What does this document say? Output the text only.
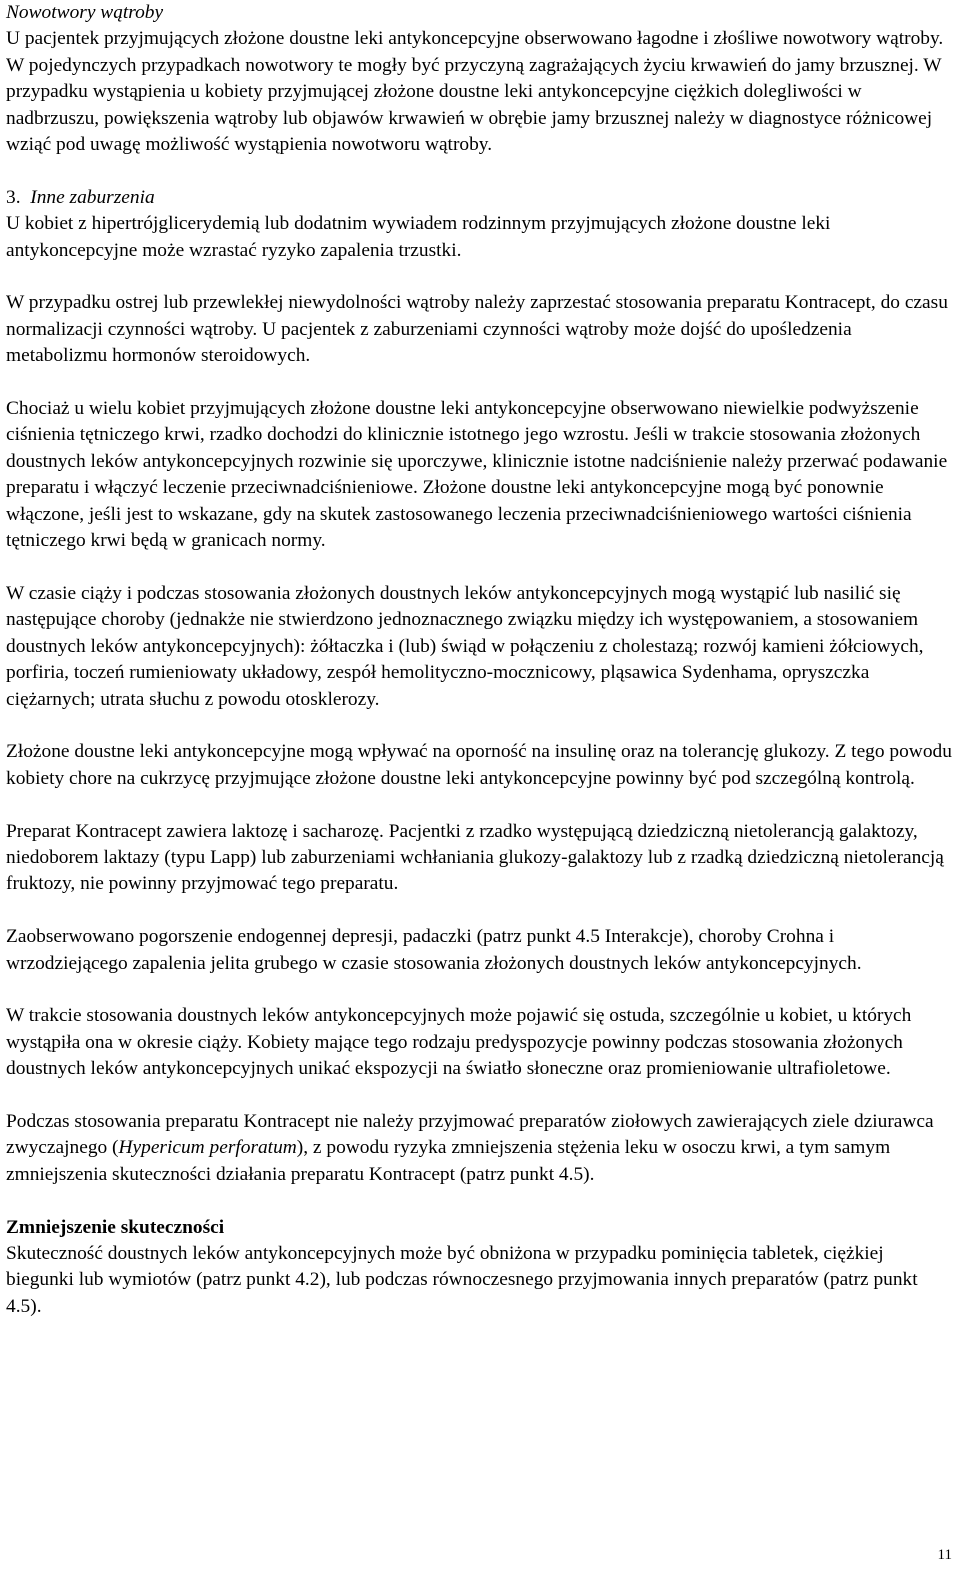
Nowotwory wątroby
U pacjentek przyjmujących złożone doustne leki antykoncepcyjne obserwowano łagodne i złośliwe nowotwory wątroby. W pojedynczych przypadkach nowotwory te mogły być przyczyną zagrażających życiu krwawień do jamy brzusznej. W przypadku wystąpienia u kobiety przyjmującej złożone doustne leki antykoncepcyjne ciężkich dolegliwości w nadbrzuszu, powiększenia wątroby lub objawów krwawień w obrębie jamy brzusznej należy w diagnostyce różnicowej wziąć pod uwagę możliwość wystąpienia nowotworu wątroby.

3. Inne zaburzenia
U kobiet z hipertrójglicerydemią lub dodatnim wywiadem rodzinnym przyjmujących złożone doustne leki antykoncepcyjne może wzrastać ryzyko zapalenia trzustki.

W przypadku ostrej lub przewlekłej niewydolności wątroby należy zaprzestać stosowania preparatu Kontracept, do czasu normalizacji czynności wątroby. U pacjentek z zaburzeniami czynności wątroby może dojść do upośledzenia metabolizmu hormonów steroidowych.

Chociaż u wielu kobiet przyjmujących złożone doustne leki antykoncepcyjne obserwowano niewielkie podwyższenie ciśnienia tętniczego krwi, rzadko dochodzi do klinicznie istotnego jego wzrostu. Jeśli w trakcie stosowania złożonych doustnych leków antykoncepcyjnych rozwinie się uporczywe, klinicznie istotne nadciśnienie należy przerwać podawanie preparatu i włączyć leczenie przeciwnadciśnieniowe. Złożone doustne leki antykoncepcyjne mogą być ponownie włączone, jeśli jest to wskazane, gdy na skutek zastosowanego leczenia przeciwnadciśnieniowego wartości ciśnienia tętniczego krwi będą w granicach normy.

W czasie ciąży i podczas stosowania złożonych doustnych leków antykoncepcyjnych mogą wystąpić lub nasilić się następujące choroby (jednakże nie stwierdzono jednoznacznego związku między ich występowaniem, a stosowaniem doustnych leków antykoncepcyjnych): żółtaczka i (lub) świąd w połączeniu z cholestazą; rozwój kamieni żółciowych, porfiria, toczeń rumieniowaty układowy, zespół hemolityczno-mocznicowy, pląsawica Sydenhama, opryszczka ciężarnych; utrata słuchu z powodu otosklerozy.

Złożone doustne leki antykoncepcyjne mogą wpływać na oporność na insulinę oraz na tolerancję glukozy. Z tego powodu kobiety chore na cukrzycę przyjmujące złożone doustne leki antykoncepcyjne powinny być pod szczególną kontrolą.

Preparat Kontracept zawiera laktozę i sacharozę. Pacjentki z rzadko występującą dziedziczną nietolerancją galaktozy, niedoborem laktazy (typu Lapp) lub zaburzeniami wchłaniania glukozy-galaktozy lub z rzadką dziedziczną nietolerancją fruktozy, nie powinny przyjmować tego preparatu.

Zaobserwowano pogorszenie endogennej depresji, padaczki (patrz punkt 4.5 Interakcje), choroby Crohna i wrzodziejącego zapalenia jelita grubego w czasie stosowania złożonych doustnych leków antykoncepcyjnych.

W trakcie stosowania doustnych leków antykoncepcyjnych może pojawić się ostuda, szczególnie u kobiet, u których wystąpiła ona w okresie ciąży. Kobiety mające tego rodzaju predyspozycje powinny podczas stosowania złożonych doustnych leków antykoncepcyjnych unikać ekspozycji na światło słoneczne oraz promieniowanie ultrafioletowe.

Podczas stosowania preparatu Kontracept nie należy przyjmować preparatów ziołowych zawierających ziele dziurawca zwyczajnego (Hypericum perforatum), z powodu ryzyka zmniejszenia stężenia leku w osoczu krwi, a tym samym zmniejszenia skuteczności działania preparatu Kontracept (patrz punkt 4.5).

Zmniejszenie skuteczności
Skuteczność doustnych leków antykoncepcyjnych może być obniżona w przypadku pominięcia tabletek, ciężkiej biegunki lub wymiotów (patrz punkt 4.2), lub podczas równoczesnego przyjmowania innych preparatów (patrz punkt 4.5).

11
